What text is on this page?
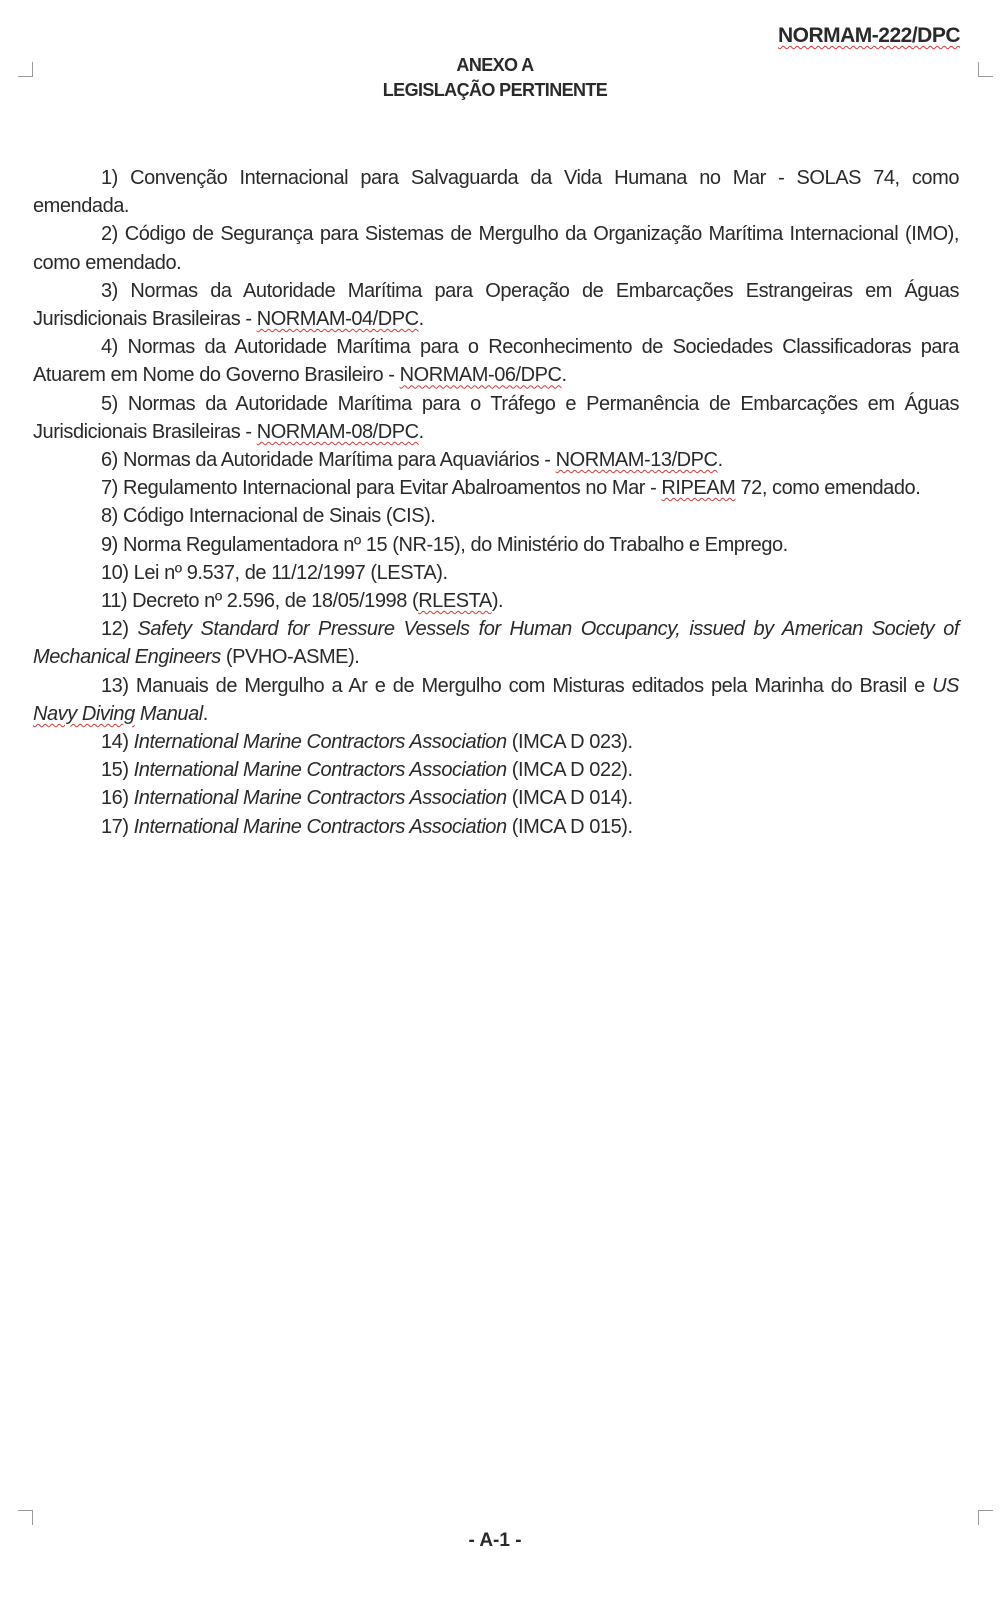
NORMAM-222/DPC
ANEXO A
LEGISLAÇÃO PERTINENTE

1) Convenção Internacional para Salvaguarda da Vida Humana no Mar - SOLAS 74, como emendada.

2) Código de Segurança para Sistemas de Mergulho da Organização Marítima Internacional (IMO), como emendado.

3) Normas da Autoridade Marítima para Operação de Embarcações Estrangeiras em Águas Jurisdicionais Brasileiras - NORMAM-04/DPC.

4) Normas da Autoridade Marítima para o Reconhecimento de Sociedades Classificadoras para Atuarem em Nome do Governo Brasileiro - NORMAM-06/DPC.

5) Normas da Autoridade Marítima para o Tráfego e Permanência de Embarcações em Águas Jurisdicionais Brasileiras - NORMAM-08/DPC.

6) Normas da Autoridade Marítima para Aquaviários - NORMAM-13/DPC.

7) Regulamento Internacional para Evitar Abalroamentos no Mar - RIPEAM 72, como emendado.

8) Código Internacional de Sinais (CIS).

9) Norma Regulamentadora nº 15 (NR-15), do Ministério do Trabalho e Emprego.

10) Lei nº 9.537, de 11/12/1997 (LESTA).

11) Decreto nº 2.596, de 18/05/1998 (RLESTA).

12) Safety Standard for Pressure Vessels for Human Occupancy, issued by American Society of Mechanical Engineers (PVHO-ASME).

13) Manuais de Mergulho a Ar e de Mergulho com Misturas editados pela Marinha do Brasil e US Navy Diving Manual.

14) International Marine Contractors Association (IMCA D 023).

15) International Marine Contractors Association (IMCA D 022).

16) International Marine Contractors Association (IMCA D 014).

17) International Marine Contractors Association (IMCA D 015).

- A-1 -
